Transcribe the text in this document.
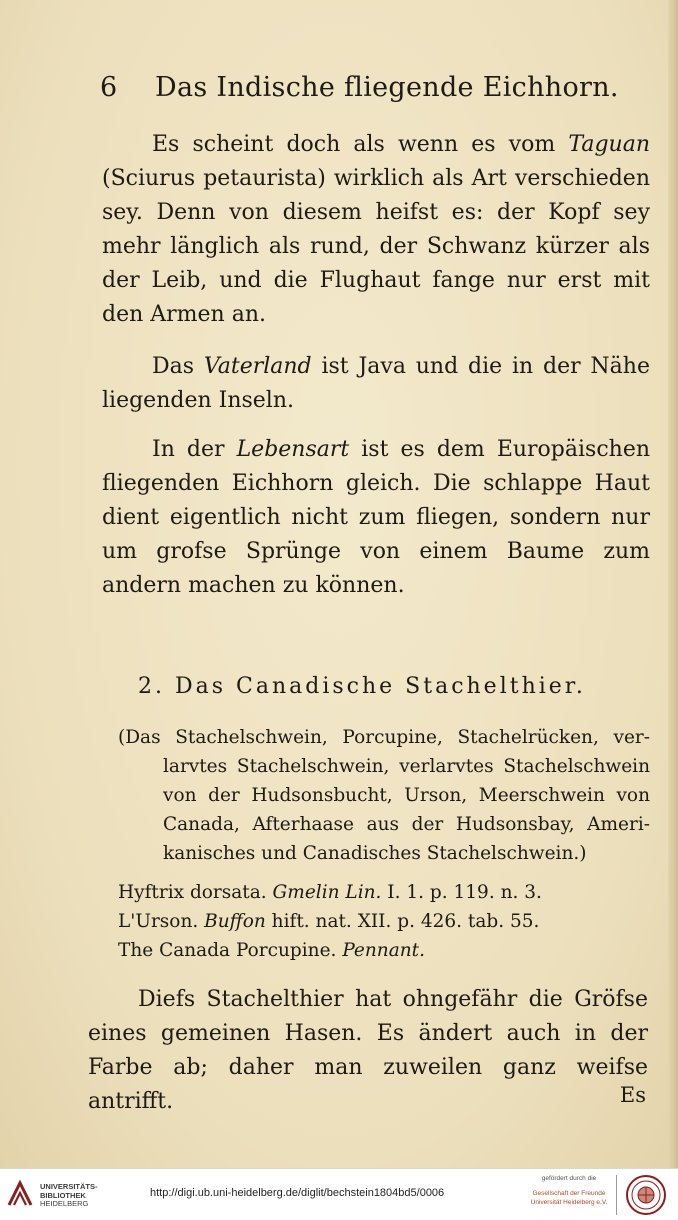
6 Das Indische fliegende Eichhorn.

Es scheint doch als wenn es vom Taguan (Sciurus petaurista) wirklich als Art verschieden sey. Denn von diesem heifst es: der Kopf sey mehr länglich als rund, der Schwanz kürzer als der Leib, und die Flughaut fange nur erst mit den Armen an.

Das Vaterland ist Java und die in der Nähe liegenden Inseln.

In der Lebensart ist es dem Europäischen fliegenden Eichhorn gleich. Die schlappe Haut dient eigentlich nicht zum fliegen, sondern nur um grofse Sprünge von einem Baume zum andern machen zu können.

2. Das Canadische Stachelthier.

(Das Stachelschwein, Porcupine, Stachelrücken, ver-
larvtes Stachelschwein, verlarvtes Stachelschwein
von der Hudsonsbucht, Urson, Meerschwein von
Canada, Afterhaase aus der Hudsonsbay, Ameri-
kanisches und Canadisches Stachelschwein.)

Hyftrix dorsata. Gmelin Lin. I. 1. p. 119. n. 3.
L'Urson. Buffon hift. nat. XII. p. 426. tab. 55.
The Canada Porcupine. Pennant.

Diefs Stachelthier hat ohngefähr die Gröfse eines gemeinen Hasen. Es ändert auch in der Farbe ab; daher man zuweilen ganz weifse antrifft.	Es
UNIVERSITÄTS-
BIBLIOTHEK
HEIDELBERG
http://digi.ub.uni-heidelberg.de/diglit/bechstein1804bd5/0006
gefördert durch die
Gesellschaft der Freunde
Universität Heidelberg e.V.
